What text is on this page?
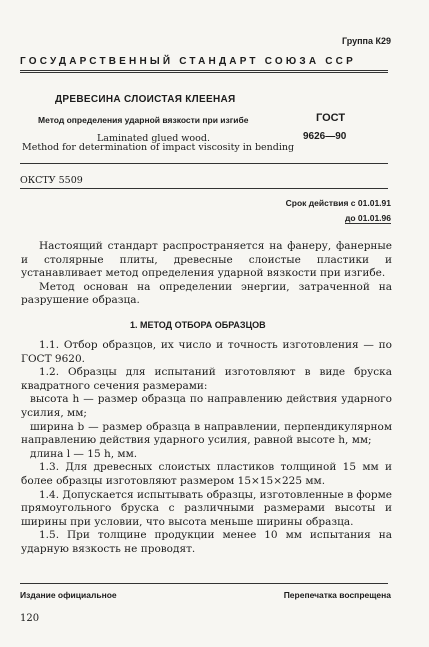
Группа К29
ГОСУДАРСТВЕННЫЙ СТАНДАРТ СОЮЗА ССР
ДРЕВЕСИНА СЛОИСТАЯ КЛЕЕНАЯ
Метод определения ударной вязкости при изгибе	ГОСТ
9626—90
Laminated glued wood.
Method for determination of impact viscosity in bending
ОКСТУ 5509
Срок действия с 01.01.91
до 01.01.96

Настоящий стандарт распространяется на фанеру, фанерные и столярные плиты, древесные слоистые пластики и устанавливает метод определения ударной вязкости при изгибе.

Метод основан на определении энергии, затраченной на разрушение образца.

1. МЕТОД ОТБОРА ОБРАЗЦОВ

1.1. Отбор образцов, их число и точность изготовления — по ГОСТ 9620.

1.2. Образцы для испытаний изготовляют в виде бруска квадратного сечения размерами:

высота h — размер образца по направлению действия ударного усилия, мм;

ширина b — размер образца в направлении, перпендикулярном направлению действия ударного усилия, равной высоте h, мм;

длина l — 15 h, мм.

1.3. Для древесных слоистых пластиков толщиной 15 мм и более образцы изготовляют размером 15×15×225 мм.

1.4. Допускается испытывать образцы, изготовленные в форме прямоугольного бруска с различными размерами высоты и ширины при условии, что высота меньше ширины образца.

1.5. При толщине продукции менее 10 мм испытания на ударную вязкость не проводят.

Издание официальное	Перепечатка воспрещена
120
